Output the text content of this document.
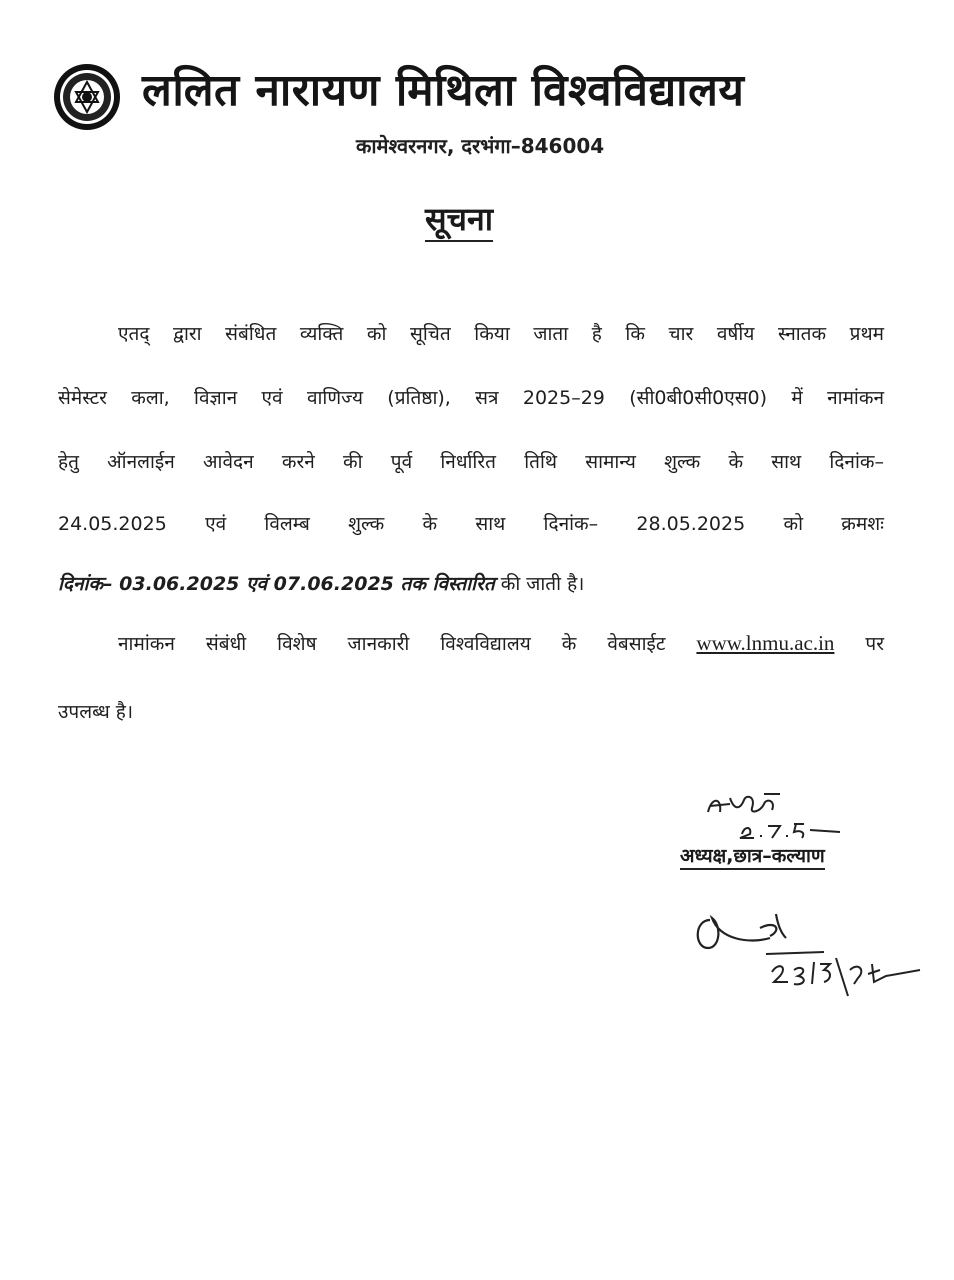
ललित नारायण मिथिला विश्वविद्यालय
कामेश्वरनगर, दरभंगा–846004
सूचना
एतद् द्वारा संबंधित व्यक्ति को सूचित किया जाता है कि चार वर्षीय स्नातक प्रथम
सेमेस्टर कला, विज्ञान एवं वाणिज्य (प्रतिष्ठा), सत्र 2025–29 (सी0बी0सी0एस0) में नामांकन
हेतु ऑनलाईन आवेदन करने की पूर्व निर्धारित तिथि सामान्य शुल्क के साथ दिनांक–
24.05.2025 एवं विलम्ब शुल्क के साथ दिनांक– 28.05.2025 को क्रमशः
दिनांक– 03.06.2025 एवं 07.06.2025 तक विस्तारित की जाती है।
नामांकन संबंधी विशेष जानकारी विश्वविद्यालय के वेबसाईट www.lnmu.ac.in पर
उपलब्ध है।
अध्यक्ष,छात्र–कल्याण
